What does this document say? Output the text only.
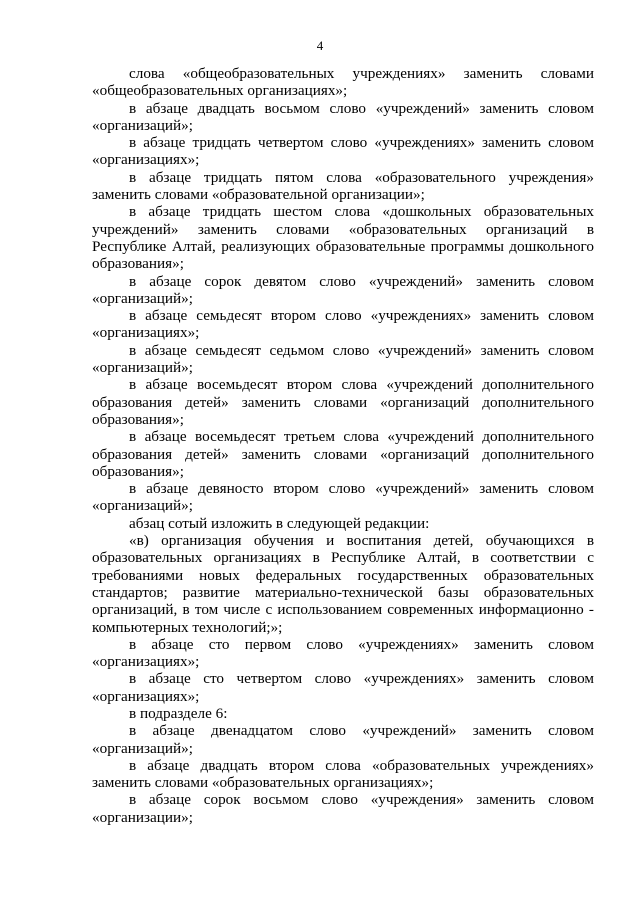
4

слова «общеобразовательных учреждениях» заменить словами «общеобразовательных организациях»;

в абзаце двадцать восьмом слово «учреждений» заменить словом «организаций»;

в абзаце тридцать четвертом слово «учреждениях» заменить словом «организациях»;

в абзаце тридцать пятом слова «образовательного учреждения» заменить словами «образовательной организации»;

в абзаце тридцать шестом слова «дошкольных образовательных учреждений» заменить словами «образовательных организаций в Республике Алтай, реализующих образовательные программы дошкольного образования»;

в абзаце сорок девятом слово «учреждений» заменить словом «организаций»;

в абзаце семьдесят втором слово «учреждениях» заменить словом «организациях»;

в абзаце семьдесят седьмом слово «учреждений» заменить словом «организаций»;

в абзаце восемьдесят втором слова «учреждений дополнительного образования детей» заменить словами «организаций дополнительного образования»;

в абзаце восемьдесят третьем слова «учреждений дополнительного образования детей» заменить словами «организаций дополнительного образования»;

в абзаце девяносто втором слово «учреждений» заменить словом «организаций»;

абзац сотый изложить в следующей редакции:

«в) организация обучения и воспитания детей, обучающихся в образовательных организациях в Республике Алтай, в соответствии с требованиями новых федеральных государственных образовательных стандартов; развитие материально-технической базы образовательных организаций, в том числе с использованием современных информационно - компьютерных технологий;»;

в абзаце сто первом слово «учреждениях» заменить словом «организациях»;

в абзаце сто четвертом слово «учреждениях» заменить словом «организациях»;

в подразделе 6:

в абзаце двенадцатом слово «учреждений» заменить словом «организаций»;

в абзаце двадцать втором слова «образовательных учреждениях» заменить словами «образовательных организациях»;

в абзаце сорок восьмом слово «учреждения» заменить словом «организации»;
